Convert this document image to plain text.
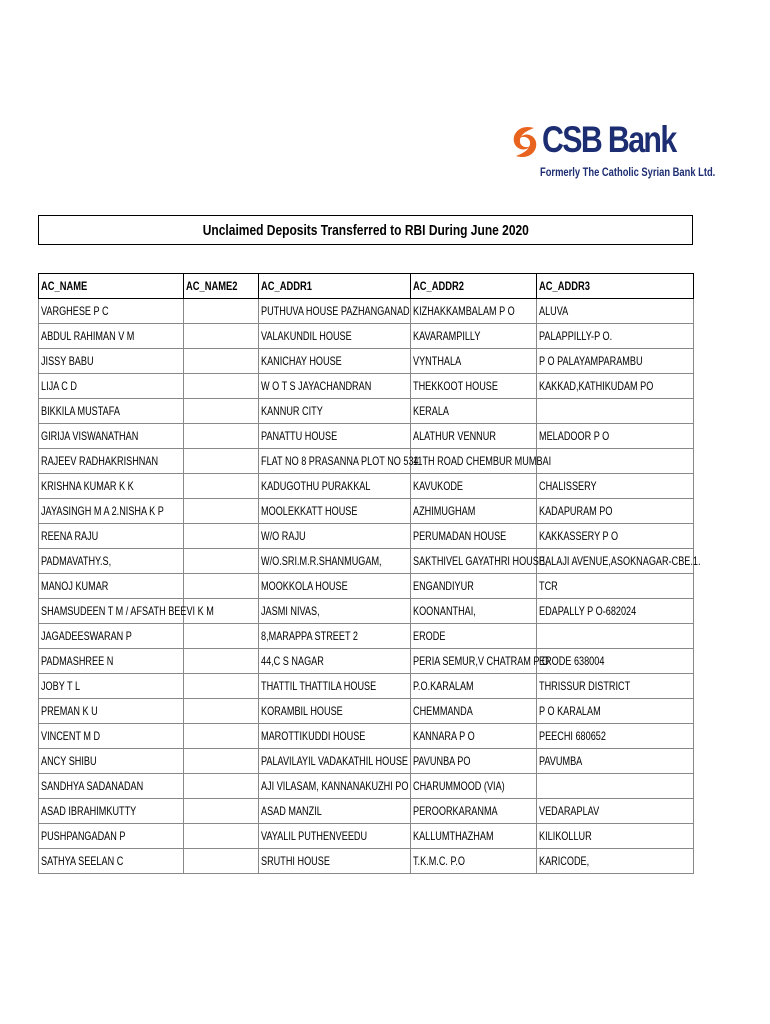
CSB Bank
Formerly The Catholic Syrian Bank Ltd.
Unclaimed Deposits Transferred to RBI During June 2020
AC_NAME	AC_NAME2	AC_ADDR1	AC_ADDR2	AC_ADDR3
VARGHESE P C		PUTHUVA HOUSE PAZHANGANAD	KIZHAKKAMBALAM P O	ALUVA
ABDUL RAHIMAN V M		VALAKUNDIL HOUSE	KAVARAMPILLY	PALAPPILLY-P O.
JISSY BABU		KANICHAY HOUSE	VYNTHALA	P O PALAYAMPARAMBU
LIJA C D		W O T S JAYACHANDRAN	THEKKOOT HOUSE	KAKKAD,KATHIKUDAM PO
BIKKILA MUSTAFA		KANNUR CITY	KERALA	
GIRIJA VISWANATHAN		PANATTU HOUSE	ALATHUR VENNUR	MELADOOR P O
RAJEEV RADHAKRISHNAN		FLAT NO 8 PRASANNA PLOT NO 534	11TH ROAD CHEMBUR MUMBAI	
KRISHNA KUMAR K K		KADUGOTHU PURAKKAL	KAVUKODE	CHALISSERY
JAYASINGH M A 2.NISHA K P		MOOLEKKATT HOUSE	AZHIMUGHAM	KADAPURAM PO
REENA RAJU		W/O RAJU	PERUMADAN HOUSE	KAKKASSERY P O
PADMAVATHY.S,		W/O.SRI.M.R.SHANMUGAM,	SAKTHIVEL GAYATHRI HOUSE,	BALAJI AVENUE,ASOKNAGAR-CBE.1.
MANOJ KUMAR		MOOKKOLA HOUSE	ENGANDIYUR	TCR
SHAMSUDEEN T M / AFSATH BEEVI K M		JASMI NIVAS,	KOONANTHAI,	EDAPALLY P O-682024
JAGADEESWARAN P		8,MARAPPA STREET 2	ERODE	
PADMASHREE N		44,C S NAGAR	PERIA SEMUR,V CHATRAM P O	ERODE 638004
JOBY T L		THATTIL THATTILA HOUSE	P.O.KARALAM	THRISSUR DISTRICT
PREMAN K U		KORAMBIL HOUSE	CHEMMANDA	P O KARALAM
VINCENT M D		MAROTTIKUDDI HOUSE	KANNARA P O	PEECHI 680652
ANCY SHIBU		PALAVILAYIL VADAKATHIL HOUSE	PAVUNBA PO	PAVUMBA
SANDHYA SADANADAN		AJI VILASAM, KANNANAKUZHI PO	CHARUMMOOD (VIA)	
ASAD IBRAHIMKUTTY		ASAD MANZIL	PEROORKARANMA	VEDARAPLAV
PUSHPANGADAN P		VAYALIL PUTHENVEEDU	KALLUMTHAZHAM	KILIKOLLUR
SATHYA SEELAN C		SRUTHI HOUSE	T.K.M.C. P.O	KARICODE,
